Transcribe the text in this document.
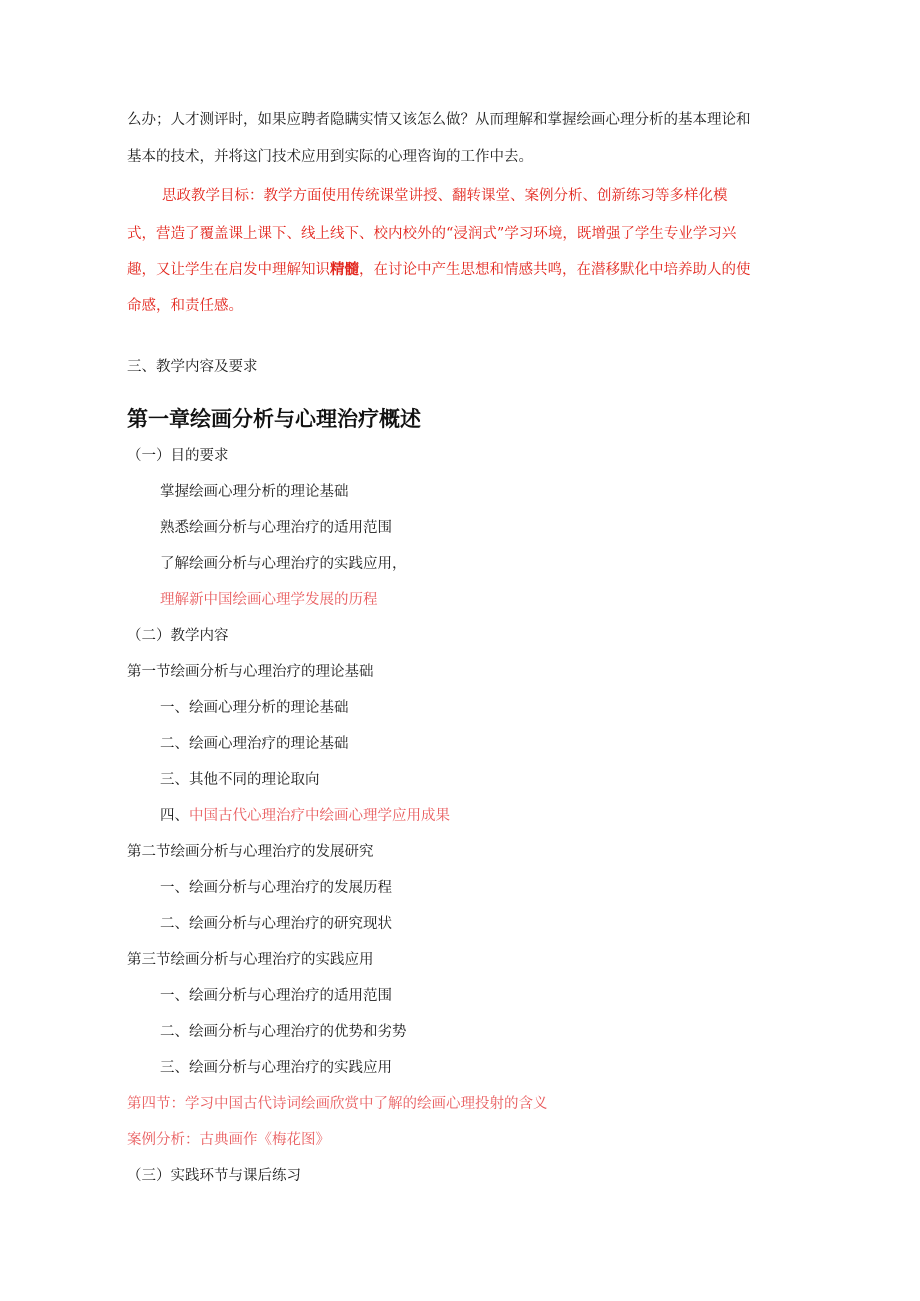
么办；人才测评时，如果应聘者隐瞒实情又该怎么做？从而理解和掌握绘画心理分析的基本理论和
基本的技术，并将这门技术应用到实际的心理咨询的工作中去。
思政教学目标：教学方面使用传统课堂讲授、翻转课堂、案例分析、创新练习等多样化模
式，营造了覆盖课上课下、线上线下、校内校外的“浸润式”学习环境，既增强了学生专业学习兴
趣，又让学生在启发中理解知识精髓，在讨论中产生思想和情感共鸣，在潜移默化中培养助人的使
命感，和责任感。
三、教学内容及要求
第一章绘画分析与心理治疗概述
（一）目的要求
掌握绘画心理分析的理论基础
熟悉绘画分析与心理治疗的适用范围
了解绘画分析与心理治疗的实践应用，
理解新中国绘画心理学发展的历程
（二）教学内容
第一节绘画分析与心理治疗的理论基础
一、绘画心理分析的理论基础
二、绘画心理治疗的理论基础
三、其他不同的理论取向
四、中国古代心理治疗中绘画心理学应用成果
第二节绘画分析与心理治疗的发展研究
一、绘画分析与心理治疗的发展历程
二、绘画分析与心理治疗的研究现状
第三节绘画分析与心理治疗的实践应用
一、绘画分析与心理治疗的适用范围
二、绘画分析与心理治疗的优势和劣势
三、绘画分析与心理治疗的实践应用
第四节：学习中国古代诗词绘画欣赏中了解的绘画心理投射的含义
案例分析：古典画作《梅花图》
（三）实践环节与课后练习
